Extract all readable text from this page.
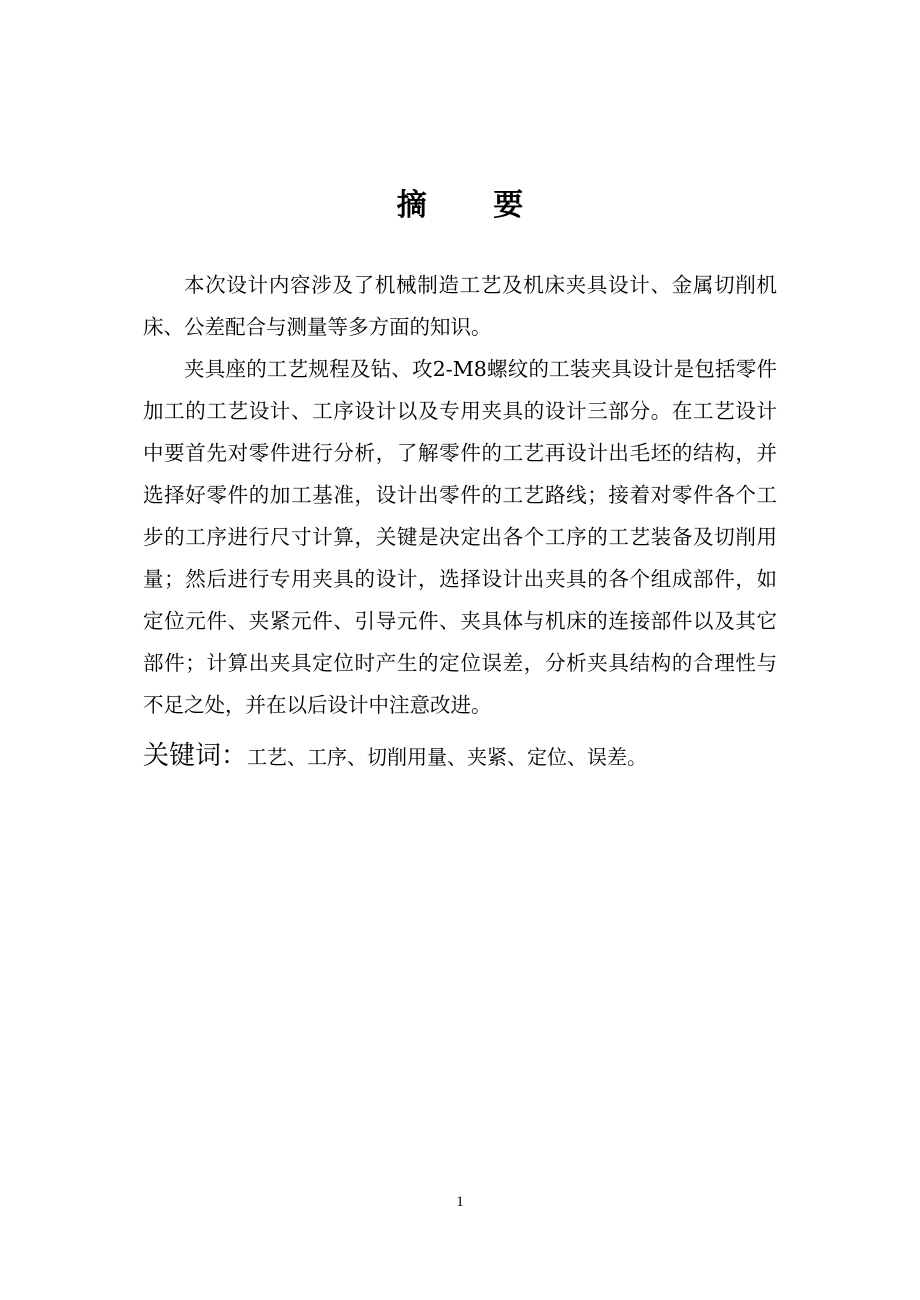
摘 要

本次设计内容涉及了机械制造工艺及机床夹具设计、金属切削机床、公差配合与测量等多方面的知识。

夹具座的工艺规程及钻、攻2-M8螺纹的工装夹具设计是包括零件加工的工艺设计、工序设计以及专用夹具的设计三部分。在工艺设计中要首先对零件进行分析，了解零件的工艺再设计出毛坯的结构，并选择好零件的加工基准，设计出零件的工艺路线；接着对零件各个工步的工序进行尺寸计算，关键是决定出各个工序的工艺装备及切削用量；然后进行专用夹具的设计，选择设计出夹具的各个组成部件，如定位元件、夹紧元件、引导元件、夹具体与机床的连接部件以及其它部件；计算出夹具定位时产生的定位误差，分析夹具结构的合理性与不足之处，并在以后设计中注意改进。

关键词：工艺、工序、切削用量、夹紧、定位、误差。
1
